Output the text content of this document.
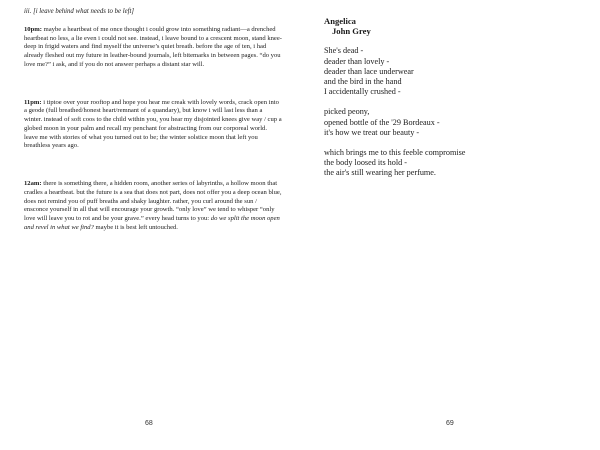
iii. [i leave behind what needs to be left]

10pm: maybe a heartbeat of me once thought i could grow into something radiant—a drenched heartbeat no less, a lie even i could not see. instead, i leave bound to a crescent moon, stand knee-deep in frigid waters and find myself the universe’s quiet breath. before the age of ten, i had already fleshed out my future in leather-bound journals, left bitemarks in between pages. “do you love me?” i ask, and if you do not answer perhaps a distant star will.

11pm: i tiptoe over your rooftop and hope you hear me creak with lovely words, crack open into a geode (full breathed/honest heart/remnant of a quandary), but know i will last less than a winter. instead of soft coos to the child within you, you hear my disjointed knees give way / cup a globed moon in your palm and recall my penchant for abstracting from our corporeal world. leave me with stories of what you turned out to be; the winter solstice moon that left you breathless years ago.

12am: there is something there, a hidden room, another series of labyrinths, a hollow moon that cradles a heartbeat. but the future is a sea that does not part, does not offer you a deep ocean blue, does not remind you of puff breaths and shaky laughter. rather, you curl around the sun / ensconce yourself in all that will encourage your growth. “only love” we tend to whisper “only love will leave you to rot and be your grave.” every head turns to you: do we split the moon open and revel in what we find? maybe it is best left untouched.

68

Angelica

John Grey

She's dead -
deader than lovely -
deader than lace underwear
and the bird in the hand
I accidentally crushed -
picked peony,
opened bottle of the '29 Bordeaux -
it's how we treat our beauty -
which brings me to this feeble compromise
the body loosed its hold -
the air's still wearing her perfume.
69
